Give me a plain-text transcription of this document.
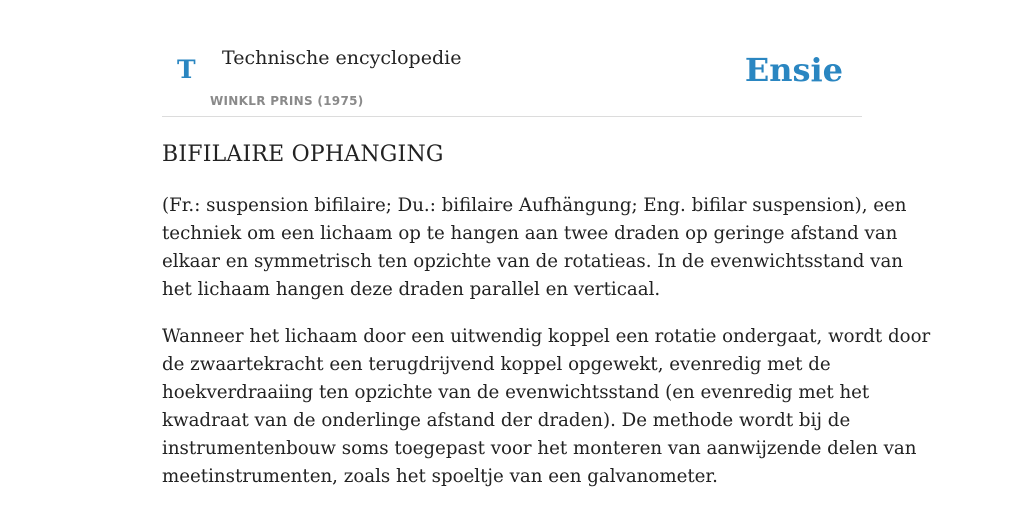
T Technische encyclopedie
WINKLR PRINS (1975)
Ensie
BIFILAIRE OPHANGING

(Fr.: suspension bifilaire; Du.: bifilaire Aufhängung; Eng. bifilar suspension), een
techniek om een lichaam op te hangen aan twee draden op geringe afstand van
elkaar en symmetrisch ten opzichte van de rotatieas. In de evenwichtsstand van
het lichaam hangen deze draden parallel en verticaal.

Wanneer het lichaam door een uitwendig koppel een rotatie ondergaat, wordt door
de zwaartekracht een terugdrijvend koppel opgewekt, evenredig met de
hoekverdraaiing ten opzichte van de evenwichtsstand (en evenredig met het
kwadraat van de onderlinge afstand der draden). De methode wordt bij de
instrumentenbouw soms toegepast voor het monteren van aanwijzende delen van
meetinstrumenten, zoals het spoeltje van een galvanometer.
